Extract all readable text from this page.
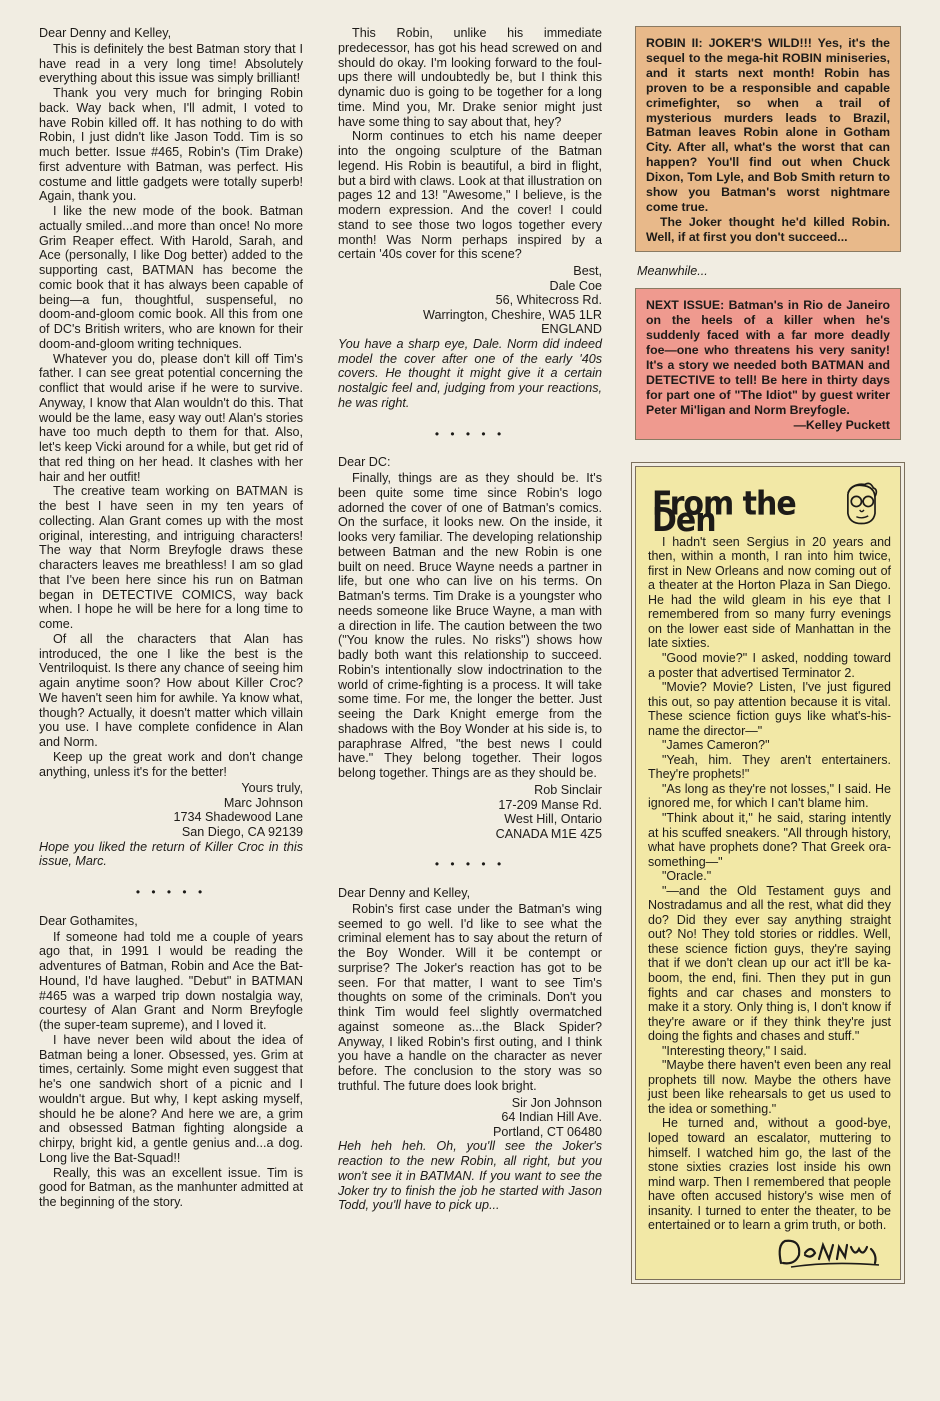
Dear Denny and Kelley,

This is definitely the best Batman story that I have read in a very long time! Absolutely everything about this issue was simply brilliant!

Thank you very much for bringing Robin back. Way back when, I'll admit, I voted to have Robin killed off. It has nothing to do with Robin, I just didn't like Jason Todd. Tim is so much better. Issue #465, Robin's (Tim Drake) first adventure with Batman, was perfect. His costume and little gadgets were totally superb! Again, thank you.

I like the new mode of the book. Batman actually smiled...and more than once! No more Grim Reaper effect. With Harold, Sarah, and Ace (personally, I like Dog better) added to the supporting cast, BATMAN has become the comic book that it has always been capable of being—a fun, thoughtful, suspenseful, no doom-and-gloom comic book. All this from one of DC's British writers, who are known for their doom-and-gloom writing techniques.

Whatever you do, please don't kill off Tim's father. I can see great potential concerning the conflict that would arise if he were to survive. Anyway, I know that Alan wouldn't do this. That would be the lame, easy way out! Alan's stories have too much depth to them for that. Also, let's keep Vicki around for a while, but get rid of that red thing on her head. It clashes with her hair and her outfit!

The creative team working on BATMAN is the best I have seen in my ten years of collecting. Alan Grant comes up with the most original, interesting, and intriguing characters! The way that Norm Breyfogle draws these characters leaves me breathless! I am so glad that I've been here since his run on Batman began in DETECTIVE COMICS, way back when. I hope he will be here for a long time to come.

Of all the characters that Alan has introduced, the one I like the best is the Ventriloquist. Is there any chance of seeing him again anytime soon? How about Killer Croc? We haven't seen him for awhile. Ya know what, though? Actually, it doesn't matter which villain you use. I have complete confidence in Alan and Norm.

Keep up the great work and don't change anything, unless it's for the better!

Yours truly,
Marc Johnson
1734 Shadewood Lane
San Diego, CA 92139
Hope you liked the return of Killer Croc in this issue, Marc.
• • • • •
Dear Gothamites,

If someone had told me a couple of years ago that, in 1991 I would be reading the adventures of Batman, Robin and Ace the Bat-Hound, I'd have laughed. "Debut" in BATMAN #465 was a warped trip down nostalgia way, courtesy of Alan Grant and Norm Breyfogle (the super-team supreme), and I loved it.

I have never been wild about the idea of Batman being a loner. Obsessed, yes. Grim at times, certainly. Some might even suggest that he's one sandwich short of a picnic and I wouldn't argue. But why, I kept asking myself, should he be alone? And here we are, a grim and obsessed Batman fighting alongside a chirpy, bright kid, a gentle genius and...a dog. Long live the Bat-Squad!!

Really, this was an excellent issue. Tim is good for Batman, as the manhunter admitted at the beginning of the story.

This Robin, unlike his immediate predecessor, has got his head screwed on and should do okay. I'm looking forward to the foul-ups there will undoubtedly be, but I think this dynamic duo is going to be together for a long time. Mind you, Mr. Drake senior might just have some thing to say about that, hey?

Norm continues to etch his name deeper into the ongoing sculpture of the Batman legend. His Robin is beautiful, a bird in flight, but a bird with claws. Look at that illustration on pages 12 and 13! "Awesome," I believe, is the modern expression. And the cover! I could stand to see those two logos together every month! Was Norm perhaps inspired by a certain '40s cover for this scene?

Best,
Dale Coe
56, Whitecross Rd.
Warrington, Cheshire, WA5 1LR
ENGLAND
You have a sharp eye, Dale. Norm did indeed model the cover after one of the early '40s covers. He thought it might give it a certain nostalgic feel and, judging from your reactions, he was right.
• • • • •
Dear DC:

Finally, things are as they should be. It's been quite some time since Robin's logo adorned the cover of one of Batman's comics. On the surface, it looks new. On the inside, it looks very familiar. The developing relationship between Batman and the new Robin is one built on need. Bruce Wayne needs a partner in life, but one who can live on his terms. On Batman's terms. Tim Drake is a youngster who needs someone like Bruce Wayne, a man with a direction in life. The caution between the two ("You know the rules. No risks") shows how badly both want this relationship to succeed. Robin's intentionally slow indoctrination to the world of crime-fighting is a process. It will take some time. For me, the longer the better. Just seeing the Dark Knight emerge from the shadows with the Boy Wonder at his side is, to paraphrase Alfred, "the best news I could have." They belong together. Their logos belong together. Things are as they should be.

Rob Sinclair
17-209 Manse Rd.
West Hill, Ontario
CANADA M1E 4Z5
• • • • •
Dear Denny and Kelley,

Robin's first case under the Batman's wing seemed to go well. I'd like to see what the criminal element has to say about the return of the Boy Wonder. Will it be contempt or surprise? The Joker's reaction has got to be seen. For that matter, I want to see Tim's thoughts on some of the criminals. Don't you think Tim would feel slightly overmatched against someone as...the Black Spider? Anyway, I liked Robin's first outing, and I think you have a handle on the character as never before. The conclusion to the story was so truthful. The future does look bright.

Sir Jon Johnson
64 Indian Hill Ave.
Portland, CT 06480
Heh heh heh. Oh, you'll see the Joker's reaction to the new Robin, all right, but you won't see it in BATMAN. If you want to see the Joker try to finish the job he started with Jason Todd, you'll have to pick up...

ROBIN II: JOKER'S WILD!!! Yes, it's the sequel to the mega-hit ROBIN miniseries, and it starts next month! Robin has proven to be a responsible and capable crimefighter, so when a trail of mysterious murders leads to Brazil, Batman leaves Robin alone in Gotham City. After all, what's the worst that can happen? You'll find out when Chuck Dixon, Tom Lyle, and Bob Smith return to show you Batman's worst nightmare come true.

The Joker thought he'd killed Robin. Well, if at first you don't succeed...

Meanwhile...

NEXT ISSUE: Batman's in Rio de Janeiro on the heels of a killer when he's suddenly faced with a far more deadly foe—one who threatens his very sanity! It's a story we needed both BATMAN and DETECTIVE to tell! Be here in thirty days for part one of "The Idiot" by guest writer Peter Mi'ligan and Norm Breyfogle.

—Kelley Puckett

From the Den

I hadn't seen Sergius in 20 years and then, within a month, I ran into him twice, first in New Orleans and now coming out of a theater at the Horton Plaza in San Diego. He had the wild gleam in his eye that I remembered from so many furry evenings on the lower east side of Manhattan in the late sixties.

"Good movie?" I asked, nodding toward a poster that advertised Terminator 2.

"Movie? Movie? Listen, I've just figured this out, so pay attention because it is vital. These science fiction guys like what's-his-name the director—"

"James Cameron?"

"Yeah, him. They aren't entertainers. They're prophets!"

"As long as they're not losses," I said. He ignored me, for which I can't blame him.

"Think about it," he said, staring intently at his scuffed sneakers. "All through history, what have prophets done? That Greek ora-something—"

"Oracle."

"—and the Old Testament guys and Nostradamus and all the rest, what did they do? Did they ever say anything straight out? No! They told stories or riddles. Well, these science fiction guys, they're saying that if we don't clean up our act it'll be ka-boom, the end, fini. Then they put in gun fights and car chases and monsters to make it a story. Only thing is, I don't know if they're aware or if they think they're just doing the fights and chases and stuff."

"Interesting theory," I said.

"Maybe there haven't even been any real prophets till now. Maybe the others have just been like rehearsals to get us used to the idea or something."

He turned and, without a good-bye, loped toward an escalator, muttering to himself. I watched him go, the last of the stone sixties crazies lost inside his own mind warp. Then I remembered that people have often accused history's wise men of insanity. I turned to enter the theater, to be entertained or to learn a grim truth, or both.
